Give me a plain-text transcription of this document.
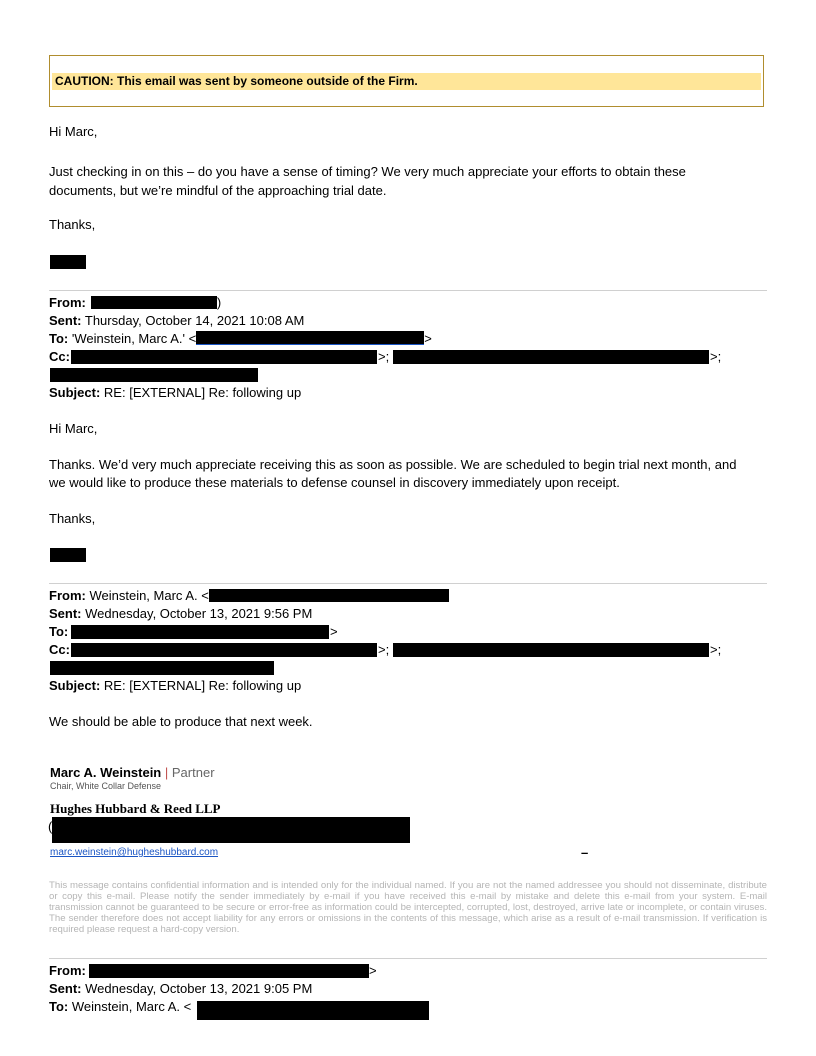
CAUTION: This email was sent by someone outside of the Firm.
Hi Marc,
Just checking in on this – do you have a sense of timing? We very much appreciate your efforts to obtain these
documents, but we’re mindful of the approaching trial date.
Thanks,
From:	)
Sent: Thursday, October 14, 2021 10:08 AM
To: 'Weinstein, Marc A.' <	>
Cc:	>;	>;
Subject: RE: [EXTERNAL] Re: following up
Hi Marc,
Thanks. We’d very much appreciate receiving this as soon as possible. We are scheduled to begin trial next month, and
we would like to produce these materials to defense counsel in discovery immediately upon receipt.
Thanks,
From: Weinstein, Marc A. <
Sent: Wednesday, October 13, 2021 9:56 PM
To:	>
Cc:	>;	>;
Subject: RE: [EXTERNAL] Re: following up
We should be able to produce that next week.
Marc A. Weinstein | Partner
Chair, White Collar Defense
Hughes Hubbard & Reed LLP
(
marc.weinstein@hugheshubbard.com	–
This message contains confidential information and is intended only for the individual named. If you are not the named addressee you should not disseminate, distribute or copy this e-mail. Please notify the sender immediately by e-mail if you have received this e-mail by mistake and delete this e-mail from your system. E-mail transmission cannot be guaranteed to be secure or error-free as information could be intercepted, corrupted, lost, destroyed, arrive late or incomplete, or contain viruses. The sender therefore does not accept liability for any errors or omissions in the contents of this message, which arise as a result of e-mail transmission. If verification is required please request a hard-copy version.
From:	>
Sent: Wednesday, October 13, 2021 9:05 PM
To: Weinstein, Marc A. <
